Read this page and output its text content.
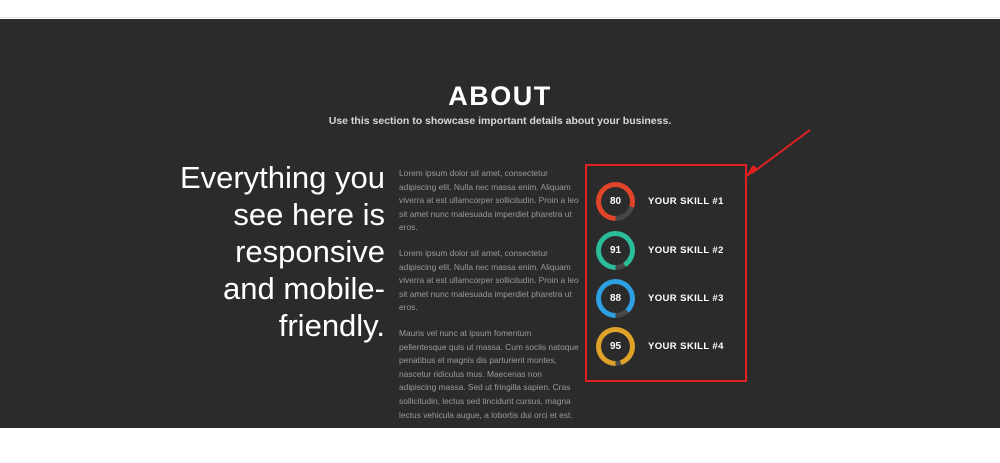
ABOUT
Use this section to showcase important details about your business.
Everything you see here is responsive and mobile-friendly.

Lorem ipsum dolor sit amet, consectetur adipiscing elit. Nulla nec massa enim. Aliquam viverra at est ullamcorper sollicitudin. Proin a leo sit amet nunc malesuada imperdiet pharetra ut eros.

Lorem ipsum dolor sit amet, consectetur adipiscing elit. Nulla nec massa enim. Aliquam viverra at est ullamcorper sollicitudin. Proin a leo sit amet nunc malesuada imperdiet pharetra ut eros.

Mauris vel nunc at ipsum fomentum pellentesque quis ut massa. Cum sociis natoque penatibus et magnis dis parturient montes, nascetur ridiculus mus. Maecenas non adipiscing massa. Sed ut fringilla sapien. Cras sollicitudin, lectus sed tincidunt cursus, magna lectus vehicula augue, a lobortis dui orci et est.

80	YOUR SKILL #1
91	YOUR SKILL #2
88	YOUR SKILL #3
95	YOUR SKILL #4
